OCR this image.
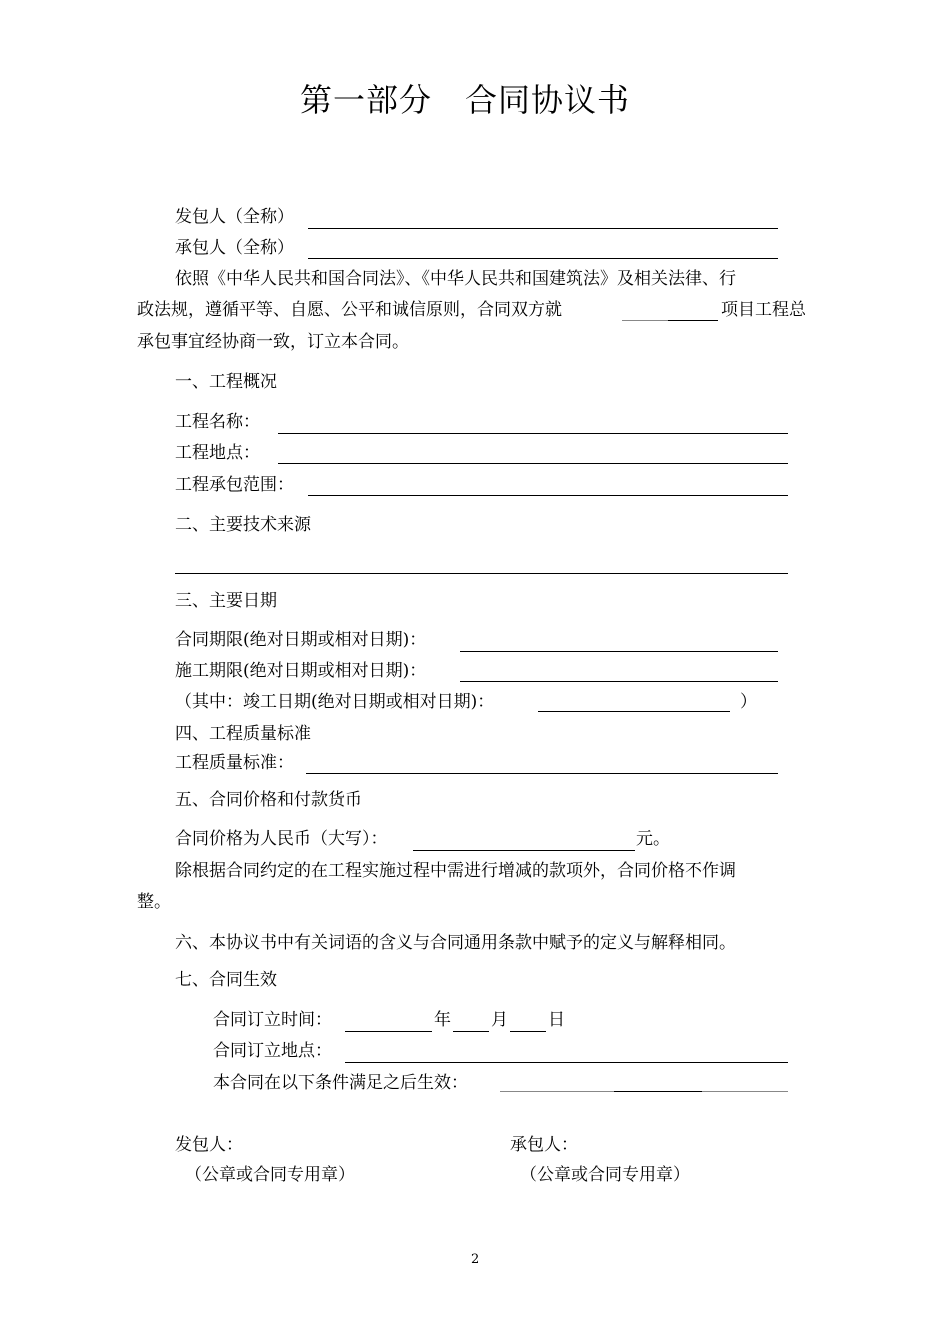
第一部分　合同协议书
发包人（全称）
承包人（全称）
依照《中华人民共和国合同法》、《中华人民共和国建筑法》及相关法律、行
政法规，遵循平等、自愿、公平和诚信原则，合同双方就	项目工程总
承包事宜经协商一致，订立本合同。
一、工程概况
工程名称：
工程地点：
工程承包范围：
二、主要技术来源
三、主要日期
合同期限(绝对日期或相对日期)：
施工期限(绝对日期或相对日期)：
（其中：竣工日期(绝对日期或相对日期)：	）
四、工程质量标准
工程质量标准：
五、合同价格和付款货币
合同价格为人民币（大写）：	元。
除根据合同约定的在工程实施过程中需进行增减的款项外，合同价格不作调
整。
六、本协议书中有关词语的含义与合同通用条款中赋予的定义与解释相同。
七、合同生效
合同订立时间：	年 月 日
合同订立地点：
本合同在以下条件满足之后生效：
发包人：
（公章或合同专用章）
承包人：
（公章或合同专用章）
2
